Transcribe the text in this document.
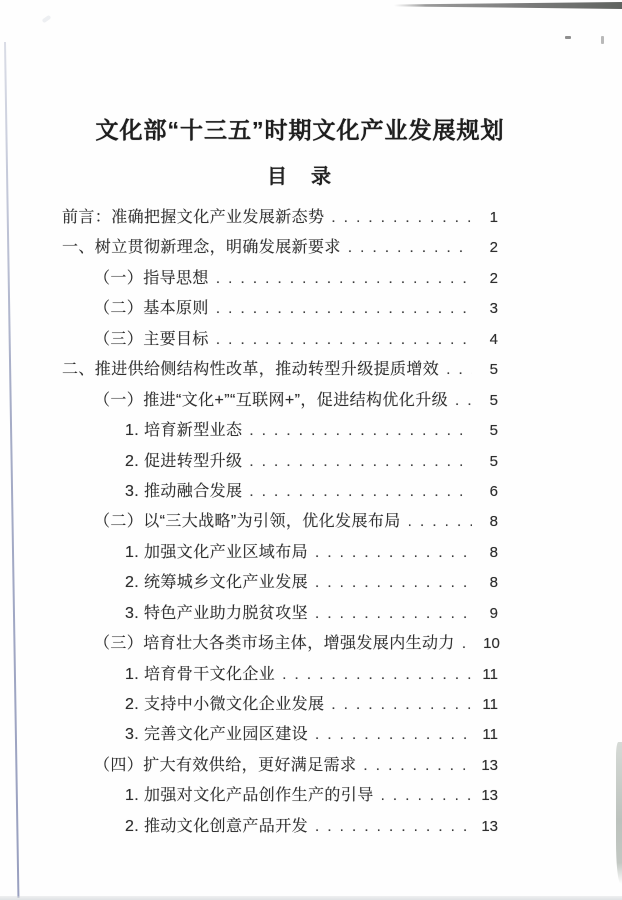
文化部“十三五”时期文化产业发展规划
目　录
前言：准确把握文化产业发展新态势 . . .	1
一、树立贯彻新理念，明确发展新要求 . . .	2
（一）指导思想 . . .	2
（二）基本原则 . . .	3
（三）主要目标 . . .	4
二、推进供给侧结构性改革，推动转型升级提质增效 . . .	5
（一）推进“文化+”“互联网+”，促进结构优化升级 . . .	5
1. 培育新型业态 . . .	5
2. 促进转型升级 . . .	5
3. 推动融合发展 . . .	6
（二）以“三大战略”为引领，优化发展布局 . . .	8
1. 加强文化产业区域布局 . . .	8
2. 统筹城乡文化产业发展 . . .	8
3. 特色产业助力脱贫攻坚 . . .	9
（三）培育壮大各类市场主体，增强发展内生动力 . . .	10
1. 培育骨干文化企业 . . .	11
2. 支持中小微文化企业发展 . . .	11
3. 完善文化产业园区建设 . . .	11
（四）扩大有效供给，更好满足需求 . . .	13
1. 加强对文化产品创作生产的引导 . . .	13
2. 推动文化创意产品开发 . . .	13
